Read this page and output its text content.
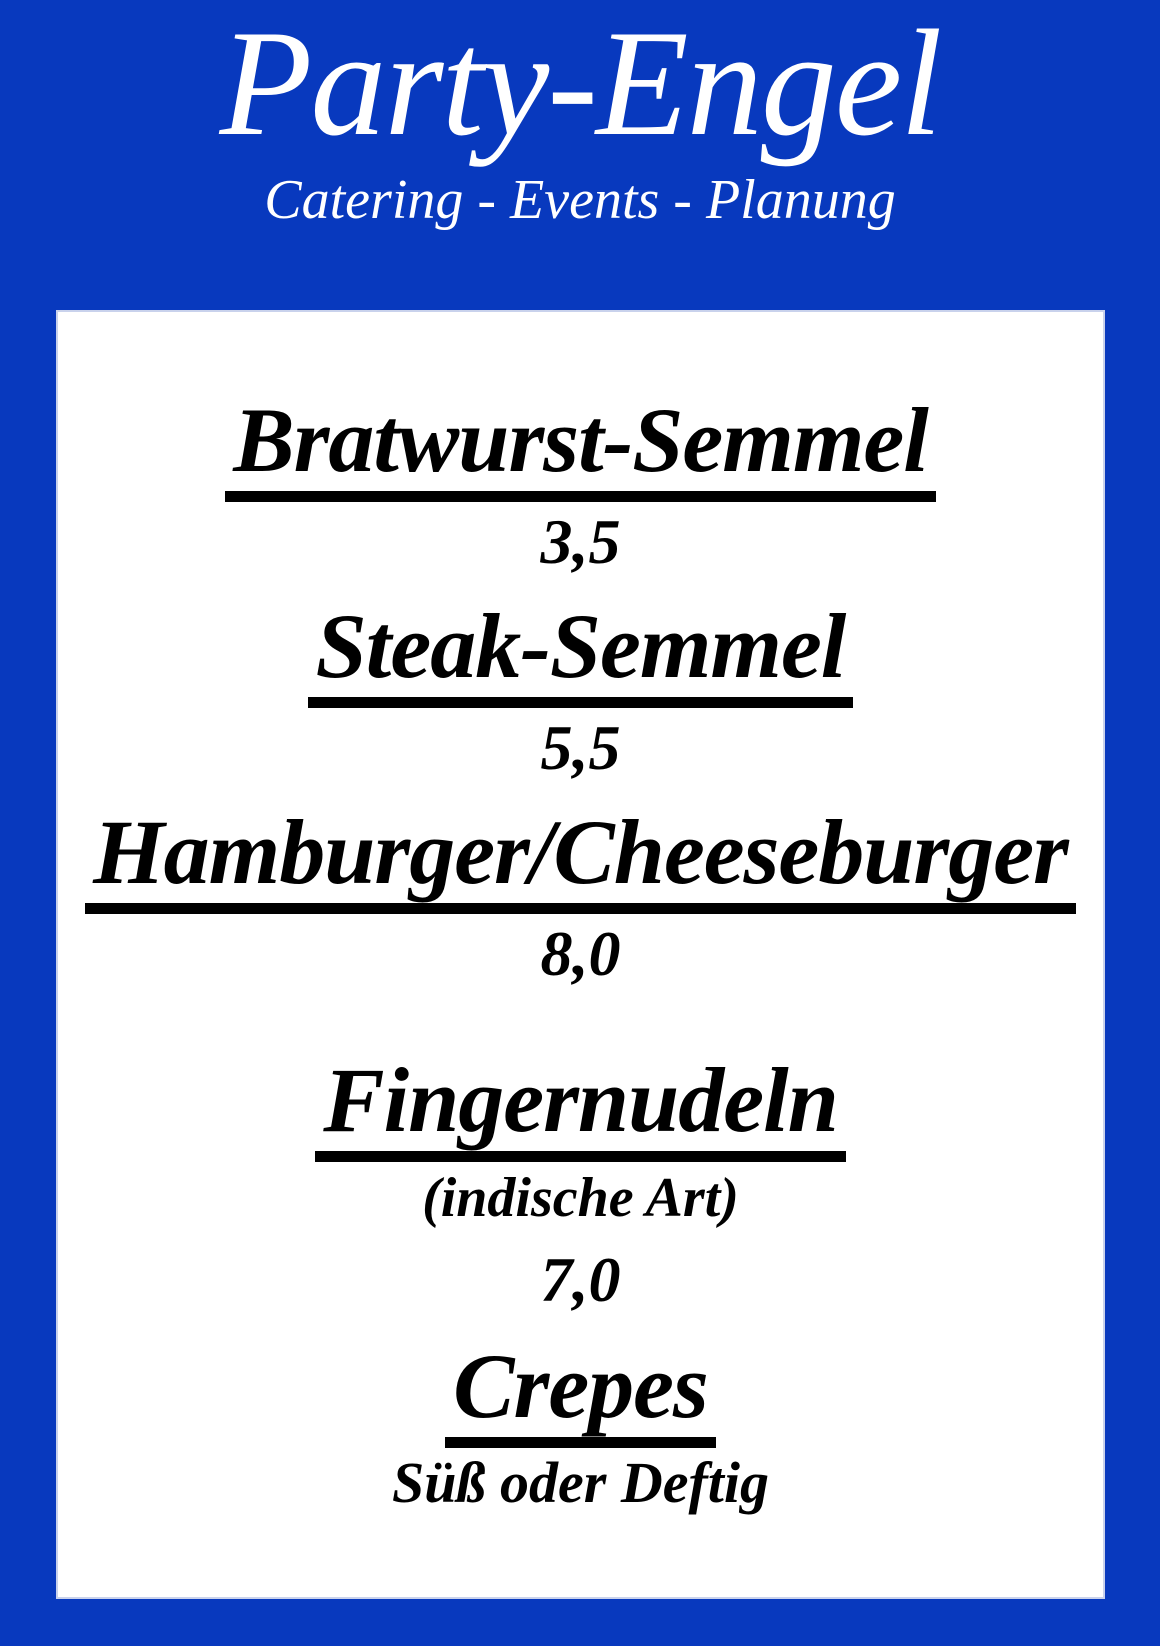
Party-Engel
Catering - Events - Planung
Bratwurst-Semmel
3,5
Steak-Semmel
5,5
Hamburger/Cheeseburger
8,0
Fingernudeln
(indische Art)
7,0
Crepes
Süß oder Deftig
